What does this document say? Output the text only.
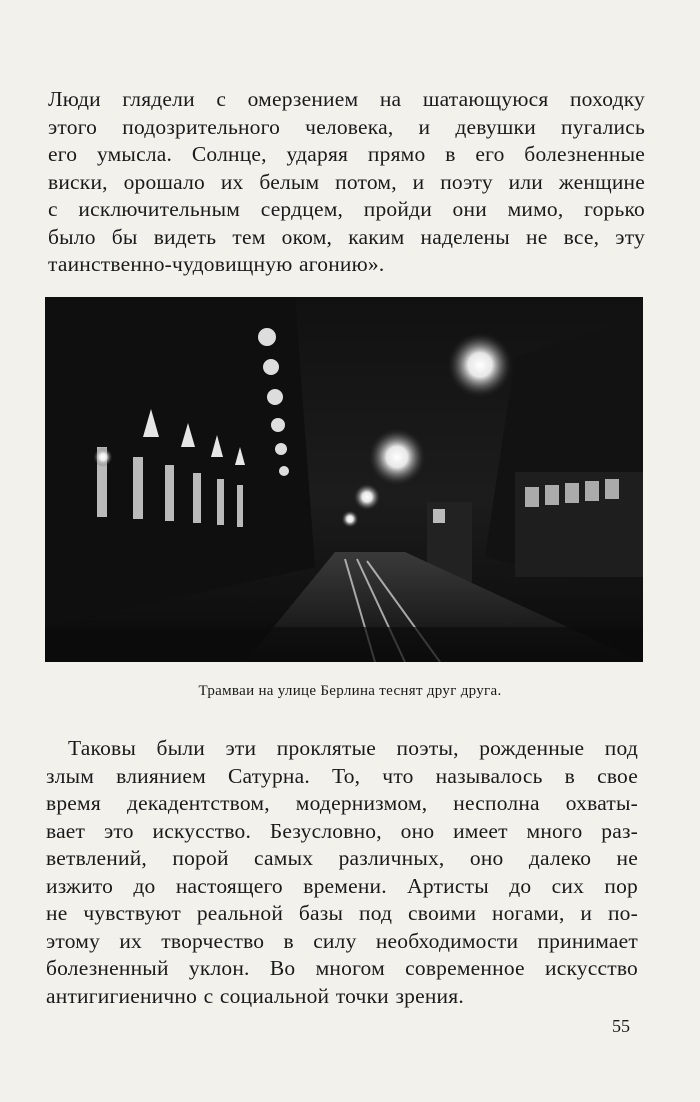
Люди глядели с омерзением на шатающуюся походку
этого подозрительного человека, и девушки пугались
его умысла. Солнце, ударяя прямо в его болезненные
виски, орошало их белым потом, и поэту или женщине
с исключительным сердцем, пройди они мимо, горько
было бы видеть тем оком, каким наделены не все, эту
таинственно-чудовищную агонию».
Трамваи на улице Берлина теснят друг друга.
Таковы были эти проклятые поэты, рожденные под
злым влиянием Сатурна. То, что называлось в свое
время декадентством, модернизмом, несполна охваты-
вает это искусство. Безусловно, оно имеет много раз-
ветвлений, порой самых различных, оно далеко не
изжито до настоящего времени. Артисты до сих пор
не чувствуют реальной базы под своими ногами, и по-
этому их творчество в силу необходимости принимает
болезненный уклон. Во многом современное искусство
антигигиенично с социальной точки зрения.
55
